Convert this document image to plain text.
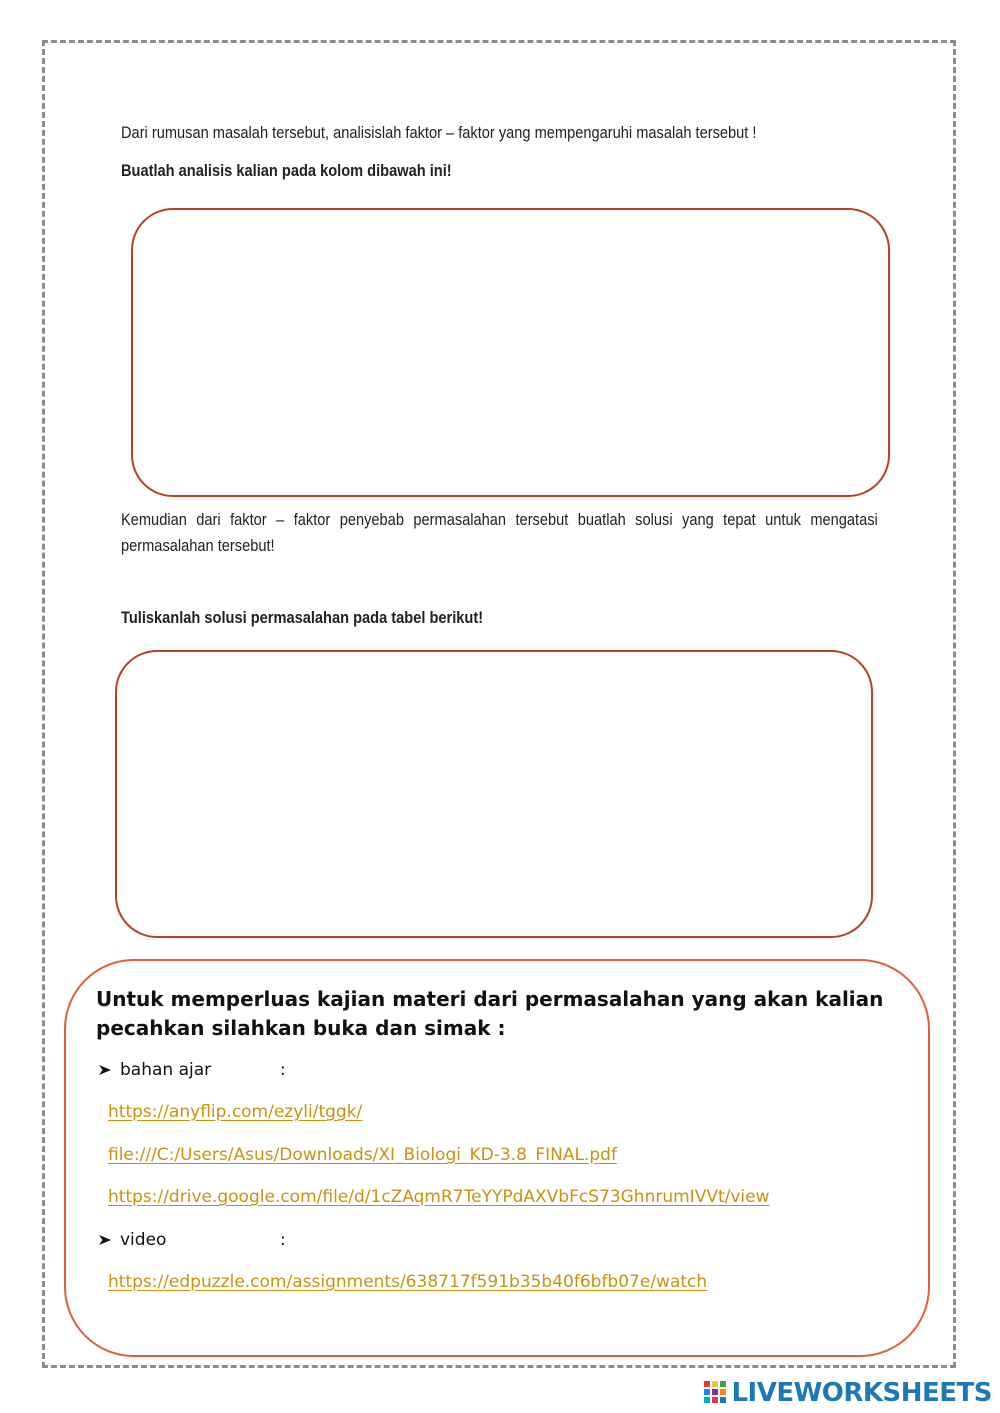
Dari rumusan masalah tersebut, analisislah faktor – faktor yang mempengaruhi masalah tersebut !
Buatlah analisis kalian pada kolom dibawah ini!
Kemudian dari faktor – faktor penyebab permasalahan tersebut buatlah solusi yang tepat untuk mengatasi permasalahan tersebut!
Tuliskanlah solusi permasalahan pada tabel berikut!
Untuk memperluas kajian materi dari permasalahan yang akan kalian pecahkan silahkan buka dan simak :
bahan ajar	:
https://anyflip.com/ezyli/tggk/
file:///C:/Users/Asus/Downloads/XI_Biologi_KD-3.8_FINAL.pdf
https://drive.google.com/file/d/1cZAqmR7TeYYPdAXVbFcS73GhnrumIVVt/view
video	:
https://edpuzzle.com/assignments/638717f591b35b40f6bfb07e/watch
LIVEWORKSHEETS
